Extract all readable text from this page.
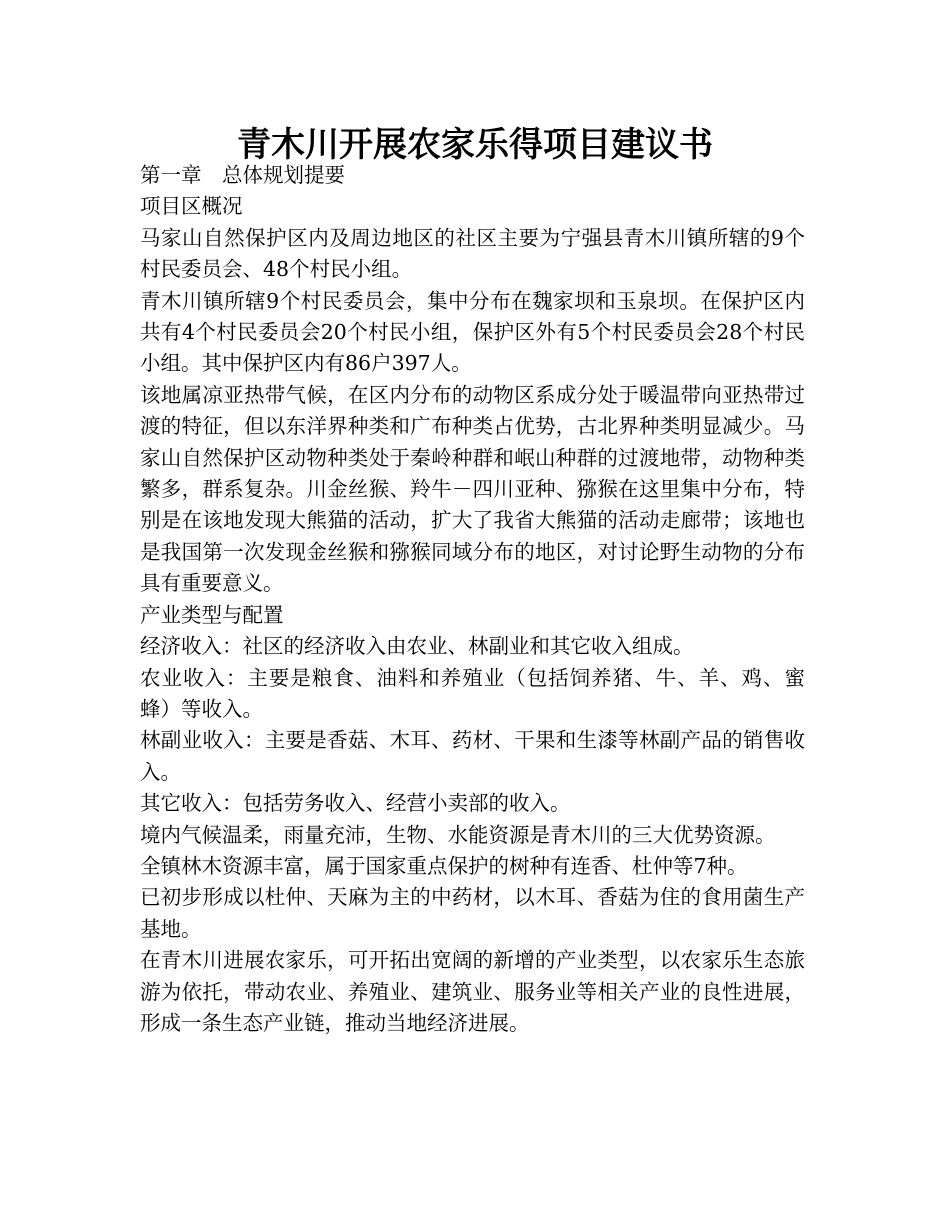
青木川开展农家乐得项目建议书

第一章　总体规划提要

项目区概况

马家山自然保护区内及周边地区的社区主要为宁强县青木川镇所辖的9个村民委员会、48个村民小组。

青木川镇所辖9个村民委员会，集中分布在魏家坝和玉泉坝。在保护区内共有4个村民委员会20个村民小组，保护区外有5个村民委员会28个村民小组。其中保护区内有86户397人。

该地属凉亚热带气候，在区内分布的动物区系成分处于暖温带向亚热带过渡的特征，但以东洋界种类和广布种类占优势，古北界种类明显减少。马家山自然保护区动物种类处于秦岭种群和岷山种群的过渡地带，动物种类繁多，群系复杂。川金丝猴、羚牛－四川亚种、猕猴在这里集中分布，特别是在该地发现大熊猫的活动，扩大了我省大熊猫的活动走廊带；该地也是我国第一次发现金丝猴和猕猴同域分布的地区，对讨论野生动物的分布具有重要意义。

产业类型与配置

经济收入：社区的经济收入由农业、林副业和其它收入组成。

农业收入：主要是粮食、油料和养殖业（包括饲养猪、牛、羊、鸡、蜜蜂）等收入。

林副业收入：主要是香菇、木耳、药材、干果和生漆等林副产品的销售收入。

其它收入：包括劳务收入、经营小卖部的收入。

境内气候温柔，雨量充沛，生物、水能资源是青木川的三大优势资源。

全镇林木资源丰富，属于国家重点保护的树种有连香、杜仲等7种。

已初步形成以杜仲、天麻为主的中药材，以木耳、香菇为住的食用菌生产基地。

在青木川进展农家乐，可开拓出宽阔的新增的产业类型，以农家乐生态旅游为依托，带动农业、养殖业、建筑业、服务业等相关产业的良性进展，形成一条生态产业链，推动当地经济进展。
